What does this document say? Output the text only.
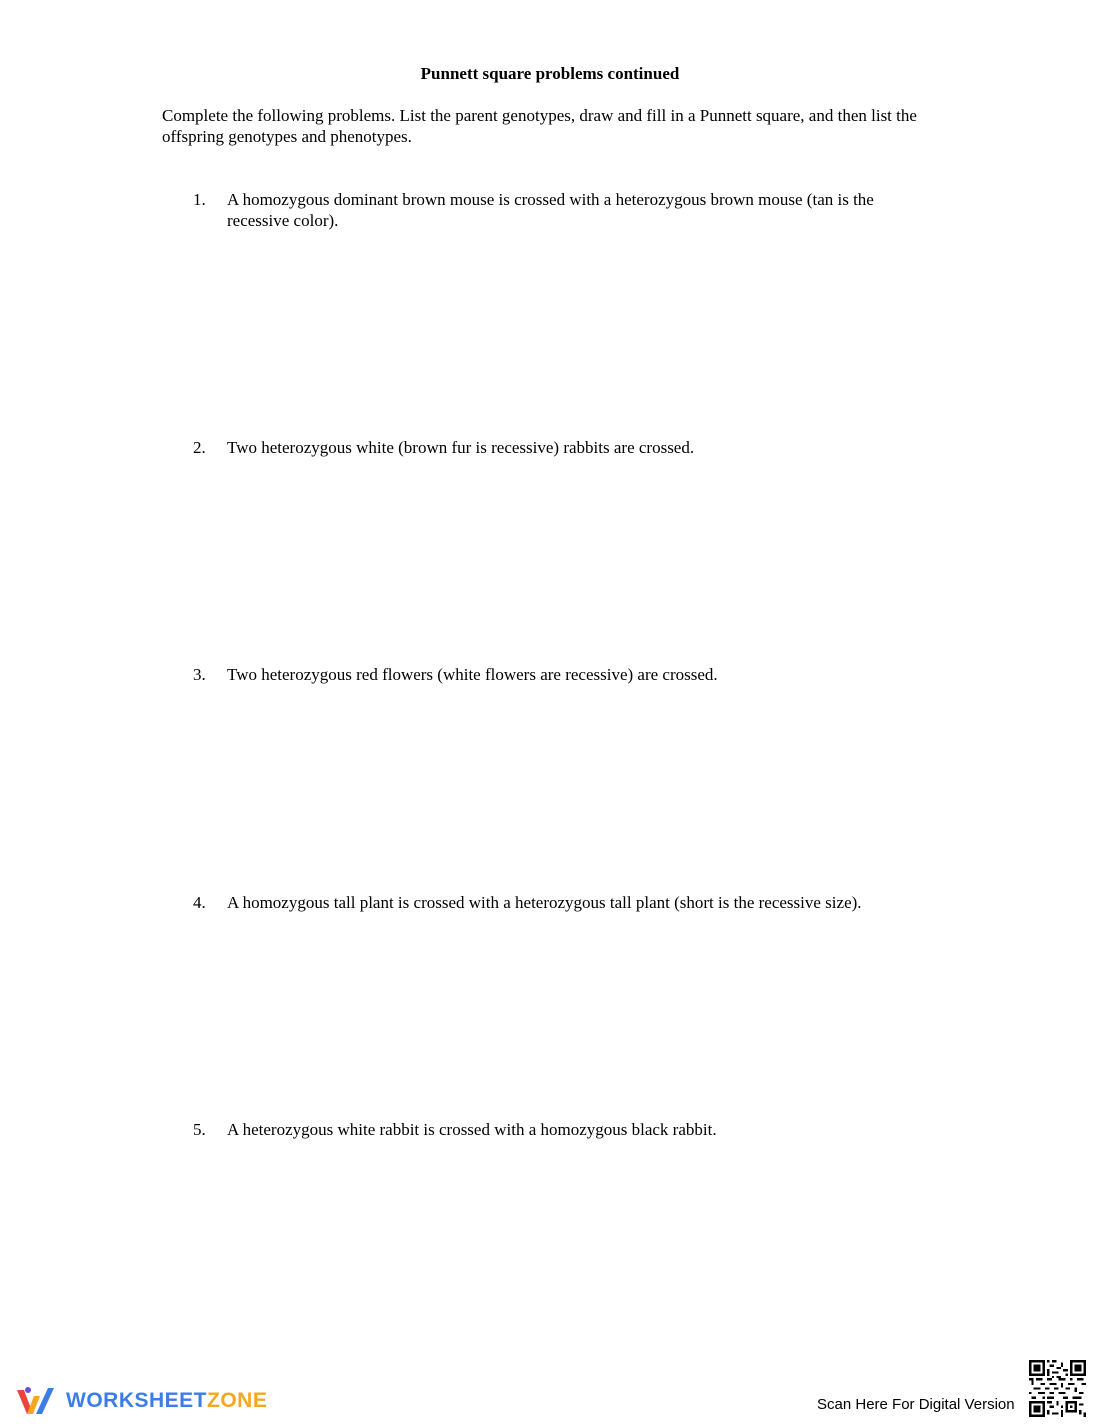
Punnett square problems continued
Complete the following problems. List the parent genotypes, draw and fill in a Punnett square, and then list the offspring genotypes and phenotypes.
1.	A homozygous dominant brown mouse is crossed with a heterozygous brown mouse (tan is the recessive color).
2.	Two heterozygous white (brown fur is recessive) rabbits are crossed.
3.	Two heterozygous red flowers (white flowers are recessive) are crossed.
4.	A homozygous tall plant is crossed with a heterozygous tall plant (short is the recessive size).
5.	A heterozygous white rabbit is crossed with a homozygous black rabbit.
WORKSHEETZONE	Scan Here For Digital Version
